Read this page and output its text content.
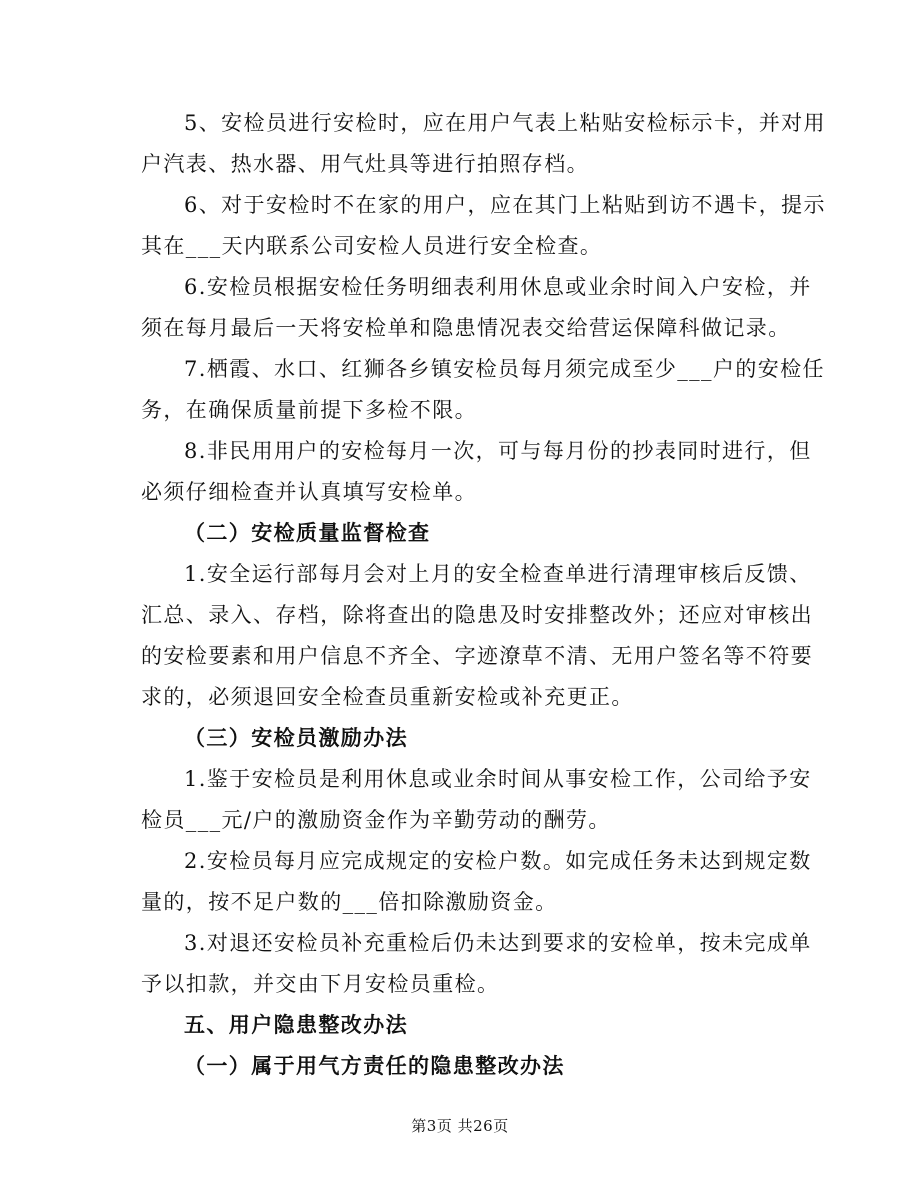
5、安检员进行安检时，应在用户气表上粘贴安检标示卡，并对用
户汽表、热水器、用气灶具等进行拍照存档。
6、对于安检时不在家的用户，应在其门上粘贴到访不遇卡，提示
其在___天内联系公司安检人员进行安全检查。
6.安检员根据安检任务明细表利用休息或业余时间入户安检，并
须在每月最后一天将安检单和隐患情况表交给营运保障科做记录。
7.栖霞、水口、红狮各乡镇安检员每月须完成至少___户的安检任
务，在确保质量前提下多检不限。
8.非民用用户的安检每月一次，可与每月份的抄表同时进行，但
必须仔细检查并认真填写安检单。
（二）安检质量监督检查
1.安全运行部每月会对上月的安全检查单进行清理审核后反馈、
汇总、录入、存档，除将查出的隐患及时安排整改外；还应对审核出
的安检要素和用户信息不齐全、字迹潦草不清、无用户签名等不符要
求的，必须退回安全检查员重新安检或补充更正。
（三）安检员激励办法
1.鉴于安检员是利用休息或业余时间从事安检工作，公司给予安
检员___元/户的激励资金作为辛勤劳动的酬劳。
2.安检员每月应完成规定的安检户数。如完成任务未达到规定数
量的，按不足户数的___倍扣除激励资金。
3.对退还安检员补充重检后仍未达到要求的安检单，按未完成单
予以扣款，并交由下月安检员重检。
五、用户隐患整改办法
（一）属于用气方责任的隐患整改办法
第3页 共26页
